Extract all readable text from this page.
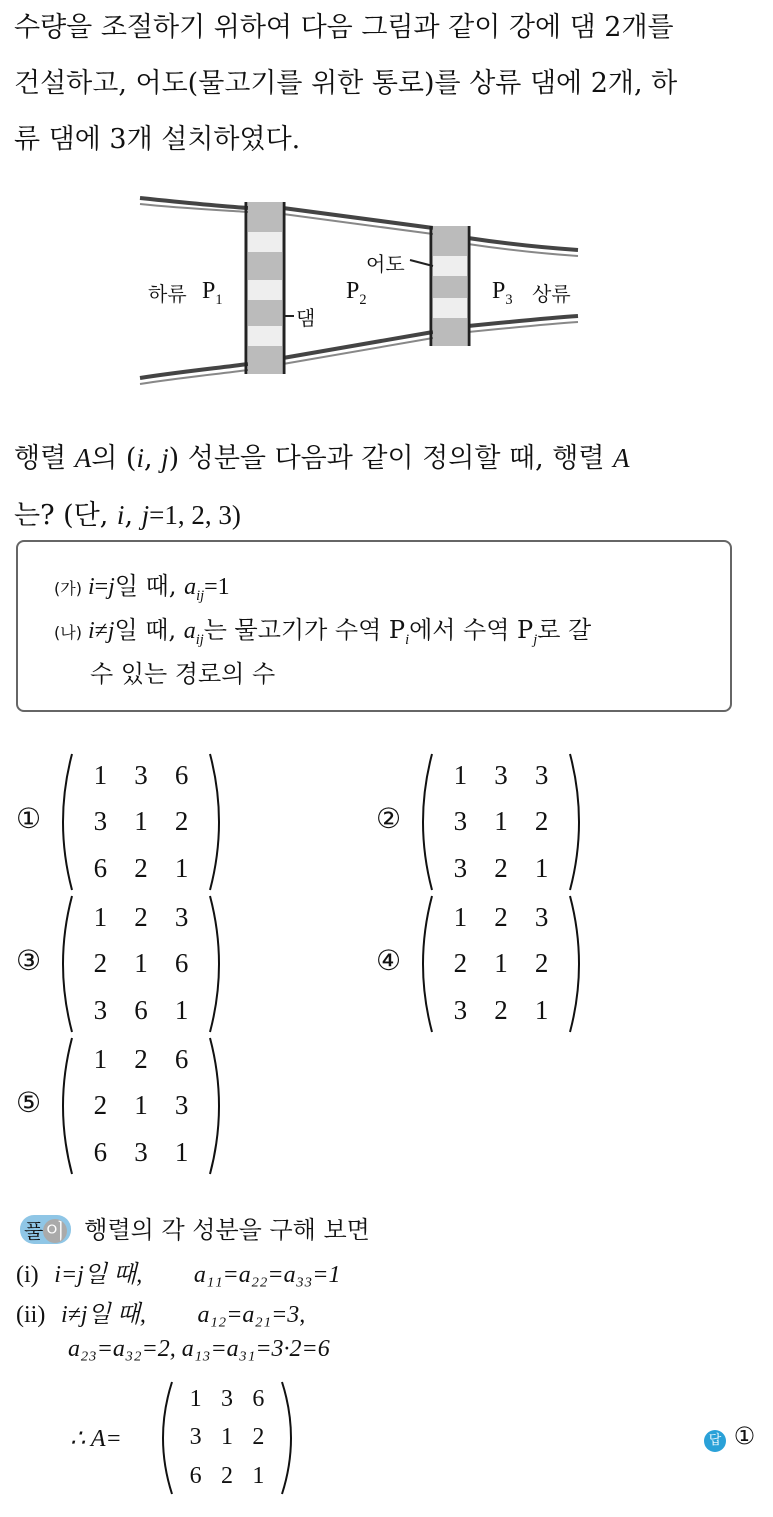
수량을 조절하기 위하여 다음 그림과 같이 강에 댐 2개를
건설하고, 어도(물고기를 위한 통로)를 상류 댐에 2개, 하
류 댐에 3개 설치하였다.
하류 $P_1$
댐
$P_2$
어도
$P_3$ 상류
행렬 A의 (i, j) 성분을 다음과 같이 정의할 때, 행렬 A
는? (단, i, j=1, 2, 3)
(가) i=j일 때, $a_{ij}=1$
(나) i≠j일 때, $a_{ij}$는 물고기가 수역 $P_i$에서 수역 $P_j$로 갈
수 있는 경로의 수
①
1 3 6
3 1 2
6 2 1
②
1 3 3
3 1 2
3 2 1
③
1 2 3
2 1 6
3 6 1
④
1 2 3
2 1 2
3 2 1
⑤
1 2 6
2 1 3
6 3 1
풀 이 행렬의 각 성분을 구해 보면
(i) i=j일 때, a₁₁=a₂₂=a₃₃=1
(ii) i≠j일 때, a₁₂=a₂₁=3,
a₂₃=a₃₂=2, a₁₃=a₃₁=3·2=6
∴ A=
1 3 6
3 1 2
6 2 1
답 ①
